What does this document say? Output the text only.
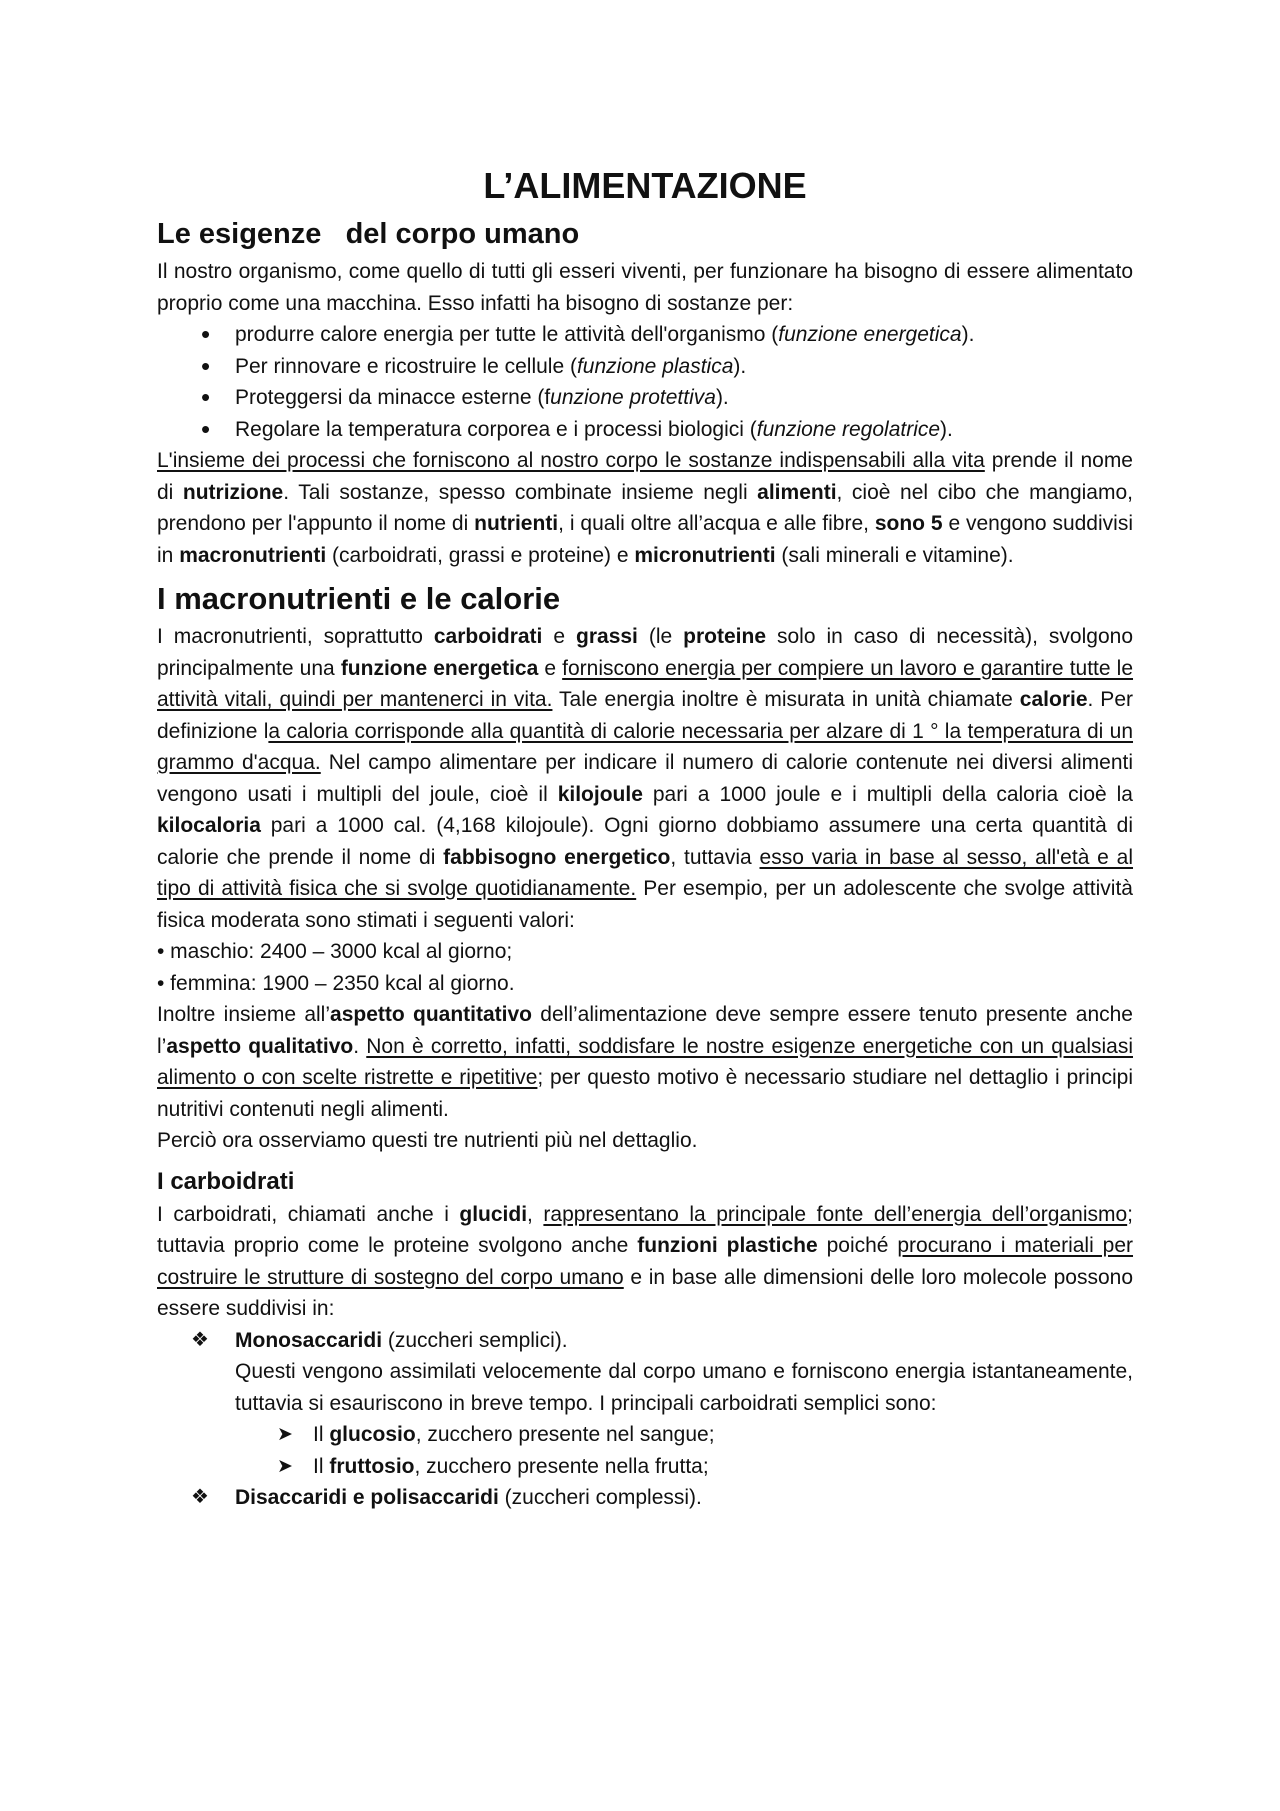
L’ALIMENTAZIONE
Le esigenze   del corpo umano

Il nostro organismo, come quello di tutti gli esseri viventi, per funzionare ha bisogno di essere alimentato proprio come una macchina. Esso infatti ha bisogno di sostanze per:

• produrre calore energia per tutte le attività dell'organismo (funzione energetica).
• Per rinnovare e ricostruire le cellule (funzione plastica).
• Proteggersi da minacce esterne (funzione protettiva).
• Regolare la temperatura corporea e i processi biologici (funzione regolatrice).

L'insieme dei processi che forniscono al nostro corpo le sostanze indispensabili alla vita prende il nome di nutrizione. Tali sostanze, spesso combinate insieme negli alimenti, cioè nel cibo che mangiamo, prendono per l'appunto il nome di nutrienti, i quali oltre all’acqua e alle fibre, sono 5 e vengono suddivisi in macronutrienti (carboidrati, grassi e proteine) e micronutrienti (sali minerali e vitamine).

I macronutrienti e le calorie

I macronutrienti, soprattutto carboidrati e grassi (le proteine solo in caso di necessità), svolgono principalmente una funzione energetica e forniscono energia per compiere un lavoro e garantire tutte le attività vitali, quindi per mantenerci in vita. Tale energia inoltre è misurata in unità chiamate calorie. Per definizione la caloria corrisponde alla quantità di calorie necessaria per alzare di 1 ° la temperatura di un grammo d'acqua. Nel campo alimentare per indicare il numero di calorie contenute nei diversi alimenti vengono usati i multipli del joule, cioè il kilojoule pari a 1000 joule e i multipli della caloria cioè la kilocaloria pari a 1000 cal. (4,168 kilojoule). Ogni giorno dobbiamo assumere una certa quantità di calorie che prende il nome di fabbisogno energetico, tuttavia esso varia in base al sesso, all'età e al tipo di attività fisica che si svolge quotidianamente. Per esempio, per un adolescente che svolge attività fisica moderata sono stimati i seguenti valori:

• maschio: 2400 – 3000 kcal al giorno;
• femmina: 1900 – 2350 kcal al giorno.

Inoltre insieme all’aspetto quantitativo dell’alimentazione deve sempre essere tenuto presente anche l’aspetto qualitativo. Non è corretto, infatti, soddisfare le nostre esigenze energetiche con un qualsiasi alimento o con scelte ristrette e ripetitive; per questo motivo è necessario studiare nel dettaglio i principi nutritivi contenuti negli alimenti.

Perciò ora osserviamo questi tre nutrienti più nel dettaglio.
I carboidrati

I carboidrati, chiamati anche i glucidi, rappresentano la principale fonte dell’energia dell’organismo; tuttavia proprio come le proteine svolgono anche funzioni plastiche poiché procurano i materiali per costruire le strutture di sostegno del corpo umano e in base alle dimensioni delle loro molecole possono essere suddivisi in:

❖ Monosaccaridi (zuccheri semplici).
Questi vengono assimilati velocemente dal corpo umano e forniscono energia istantaneamente, tuttavia si esauriscono in breve tempo. I principali carboidrati semplici sono:
➤ Il glucosio, zucchero presente nel sangue;
➤ Il fruttosio, zucchero presente nella frutta;
❖ Disaccaridi e polisaccaridi (zuccheri complessi).
